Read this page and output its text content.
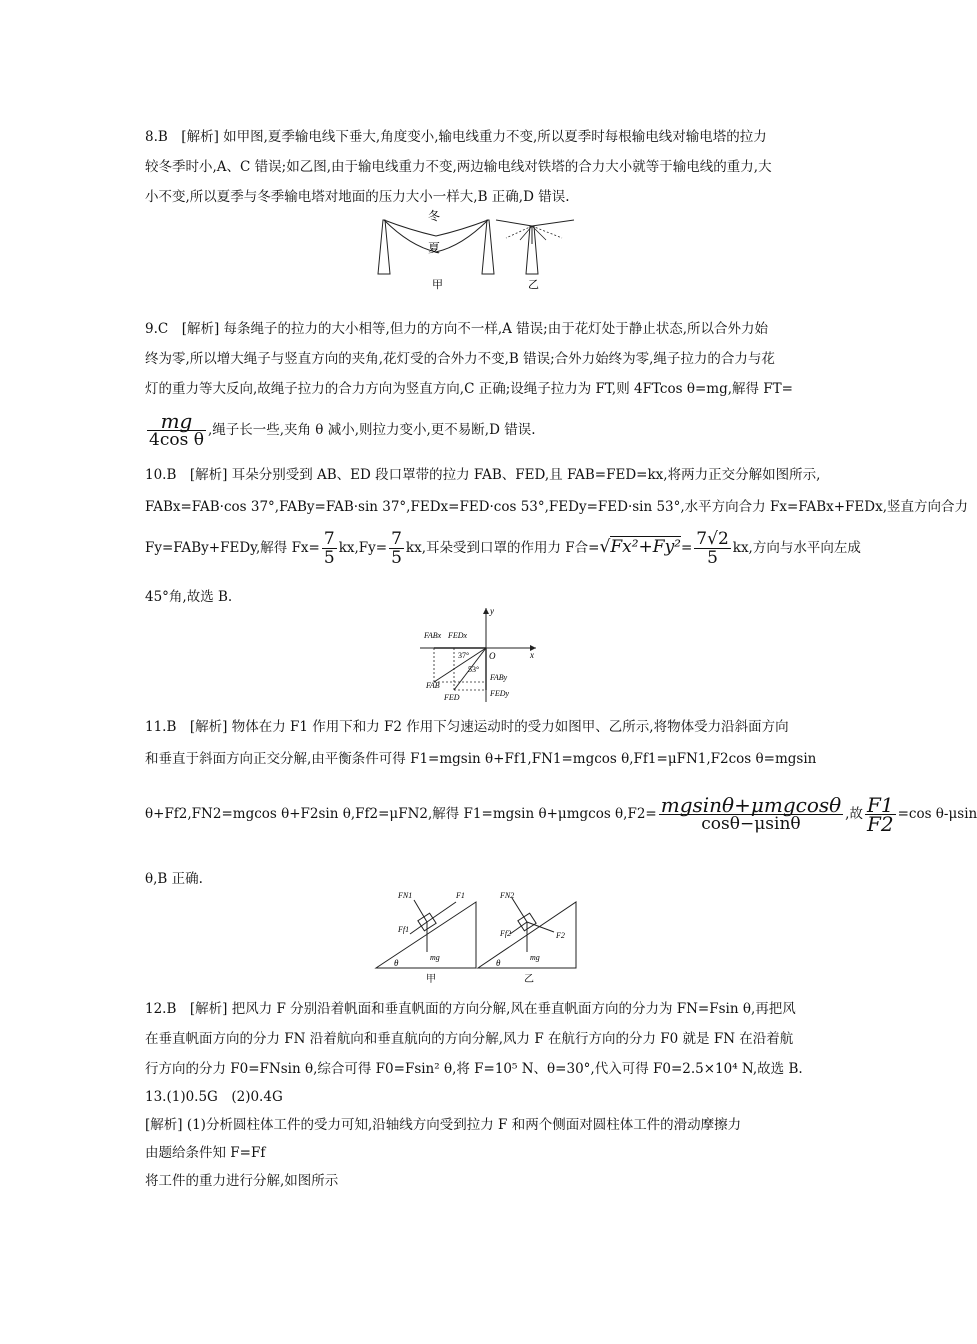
8.B　[解析] 如甲图,夏季输电线下垂大,角度变小,输电线重力不变,所以夏季时每根输电线对输电塔的拉力
较冬季时小,A、C 错误;如乙图,由于输电线重力不变,两边输电线对铁塔的合力大小就等于输电线的重力,大
小不变,所以夏季与冬季输电塔对地面的压力大小一样大,B 正确,D 错误.
冬
夏
甲	乙
9.C　[解析] 每条绳子的拉力的大小相等,但力的方向不一样,A 错误;由于花灯处于静止状态,所以合外力始
终为零,所以增大绳子与竖直方向的夹角,花灯受的合外力不变,B 错误;合外力始终为零,绳子拉力的合力与花
灯的重力等大反向,故绳子拉力的合力方向为竖直方向,C 正确;设绳子拉力为 FT,则 4FTcos θ=mg,解得 FT=
$\frac{mg}{\text{4cos θ}}$ ,绳子长一些,夹角 θ 减小,则拉力变小,更不易断,D 错误.
10.B　[解析] 耳朵分别受到 AB、ED 段口罩带的拉力 FAB、FED,且 FAB=FED=kx,将两力正交分解如图所示,
FABx=FAB·cos 37°,FABy=FAB·sin 37°,FEDx=FED·cos 53°,FEDy=FED·sin 53°,水平方向合力 Fx=FABx+FEDx,竖直方向合力
Fy=FABy+FEDy,解得 $Fx= \frac{7}{5} kx,Fy= \frac{7}{5}$ kx,耳朵受到口罩的作用力 F合$=√Fx^2+Fy^2= \frac{7√2}{5}$ kx,方向与水平向左成
45°角,故选 B.
y
x
O
FABx FEDx
37°
53°
FAB
FED
FABy
FEDy
11.B　[解析] 物体在力 F1 作用下和力 F2 作用下匀速运动时的受力如图甲、乙所示,将物体受力沿斜面方向
和垂直于斜面方向正交分解,由平衡条件可得 F1=mgsin θ+Ff1,FN1=mgcos θ,Ff1=μFN1,F2cos θ=mgsin
θ+Ff2,FN2=mgcos θ+F2sin θ,Ff2=μFN2,解得 F1=mgsin θ+μmgcos $\theta,F2= \frac{\text{mgsinθ+μmgcosθ}}{\cos\theta-\mu\sin\theta}$ ,故 $\frac{F1}{F2} =\cos$ θ-μsin
θ,B 正确.
θ
FN1	F1
Ff1
mg
甲
θ
FN2
Ff2	F2
mg
乙
12.B　[解析] 把风力 F 分别沿着帆面和垂直帆面的方向分解,风在垂直帆面方向的分力为 FN=Fsin θ,再把风
在垂直帆面方向的分力 FN 沿着航向和垂直航向的方向分解,风力 F 在航行方向的分力 F0 就是 FN 在沿着航
行方向的分力 F0=FNsin θ,综合可得 F0=Fsin² θ,将 F=10⁵ N、θ=30°,代入可得 F0=2.5×10⁴ N,故选 B.
13.(1)0.5G　(2)0.4G
[解析] (1)分析圆柱体工件的受力可知,沿轴线方向受到拉力 F 和两个侧面对圆柱体工件的滑动摩擦力
由题给条件知 F=Ff
将工件的重力进行分解,如图所示
